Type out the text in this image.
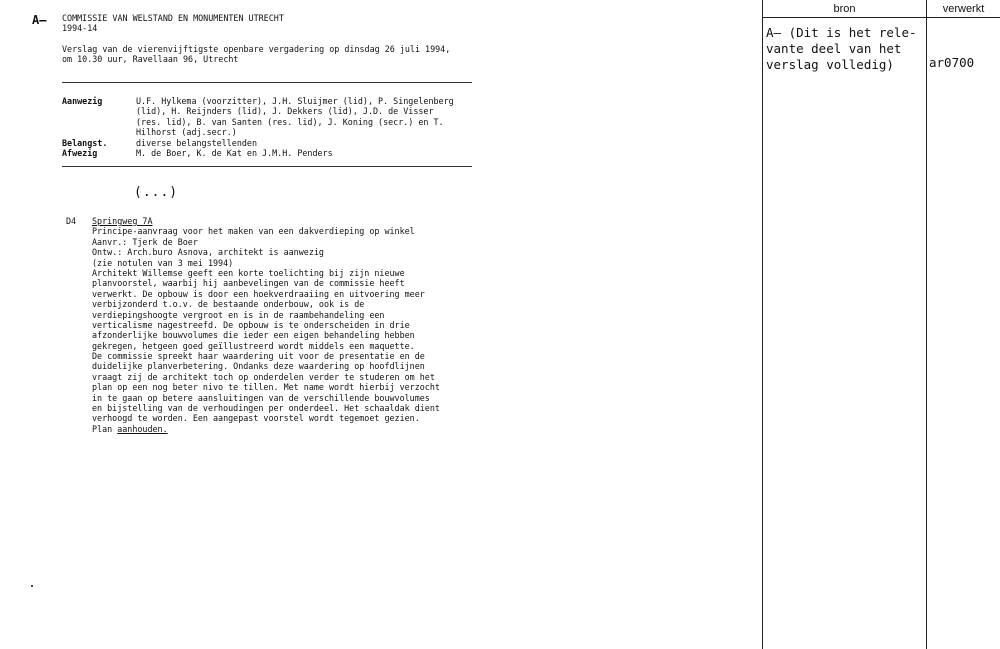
A– COMMISSIE VAN WELSTAND EN MONUMENTEN UTRECHT
1994-14
Verslag van de vierenvijftigste openbare vergadering op dinsdag 26 juli 1994,
om 10.30 uur, Ravellaan 96, Utrecht
Aanwezig	U.F. Hylkema (voorzitter), J.H. Sluijmer (lid), P. Singelenberg
(lid), H. Reijnders (lid), J. Dekkers (lid), J.D. de Visser
(res. lid), B. van Santen (res. lid), J. Koning (secr.) en T.
Hilhorst (adj.secr.)
Belangst.	diverse belangstellenden
Afwezig	M. de Boer, K. de Kat en J.M.H. Penders
(...)
D4 Springweg 7A
Principe-aanvraag voor het maken van een dakverdieping op winkel
Aanvr.: Tjerk de Boer
Ontw.: Arch.buro Asnova, architekt is aanwezig
(zie notulen van 3 mei 1994)
Architekt Willemse geeft een korte toelichting bij zijn nieuwe
planvoorstel, waarbij hij aanbevelingen van de commissie heeft
verwerkt. De opbouw is door een hoekverdraaiing en uitvoering meer
verbijzonderd t.o.v. de bestaande onderbouw, ook is de
verdiepingshoogte vergroot en is in de raambehandeling een
verticalisme nagestreefd. De opbouw is te onderscheiden in drie
afzonderlijke bouwvolumes die ieder een eigen behandeling hebben
gekregen, hetgeen goed geïllustreerd wordt middels een maquette.
De commissie spreekt haar waardering uit voor de presentatie en de
duidelijke planverbetering. Ondanks deze waardering op hoofdlijnen
vraagt zij de architekt toch op onderdelen verder te studeren om het
plan op een nog beter nivo te tillen. Met name wordt hierbij verzocht
in te gaan op betere aansluitingen van de verschillende bouwvolumes
en bijstelling van de verhoudingen per onderdeel. Het schaaldak dient
verhoogd te worden. Een aangepast voorstel wordt tegemoet gezien.
Plan aanhouden.
bron	verwerkt
A– (Dit is het rele-
vante deel van het
verslag volledig)	ar0700
